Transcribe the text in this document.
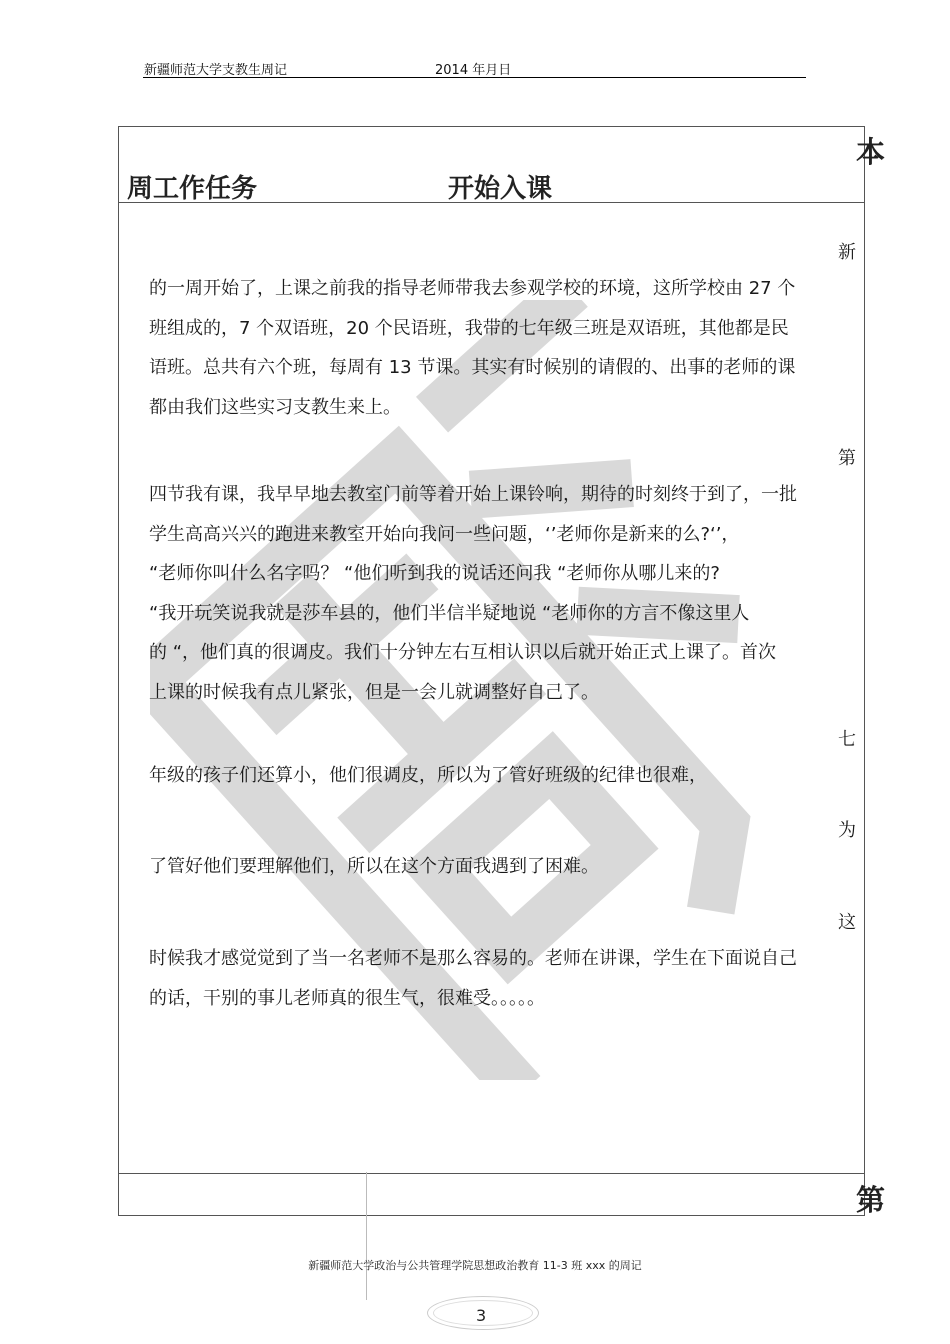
新疆师范大学支教生周记	2014 年月日
本
周工作任务	开始入课
第
新
的一周开始了，上课之前我的指导老师带我去参观学校的环境，这所学校由 27 个
班组成的，7 个双语班，20 个民语班，我带的七年级三班是双语班，其他都是民
语班。总共有六个班，每周有 13 节课。其实有时候别的请假的、出事的老师的课
都由我们这些实习支教生来上。
第
四节我有课，我早早地去教室门前等着开始上课铃响，期待的时刻终于到了，一批
学生高高兴兴的跑进来教室开始向我问一些问题，‘’老师你是新来的么?‘’，
“老师你叫什么名字吗？ “他们听到我的说话还问我 “老师你从哪儿来的?
“我开玩笑说我就是莎车县的，他们半信半疑地说 “老师你的方言不像这里人
的 “，他们真的很调皮。我们十分钟左右互相认识以后就开始正式上课了。首次
上课的时候我有点儿紧张，但是一会儿就调整好自己了。
七
年级的孩子们还算小，他们很调皮，所以为了管好班级的纪律也很难，
为
了管好他们要理解他们，所以在这个方面我遇到了困难。
这
时候我才感觉觉到了当一名老师不是那么容易的。老师在讲课，学生在下面说自己
的话，干别的事儿老师真的很生气，很难受。。。。。
新疆师范大学政治与公共管理学院思想政治教育 11-3 班 xxx 的周记
3
